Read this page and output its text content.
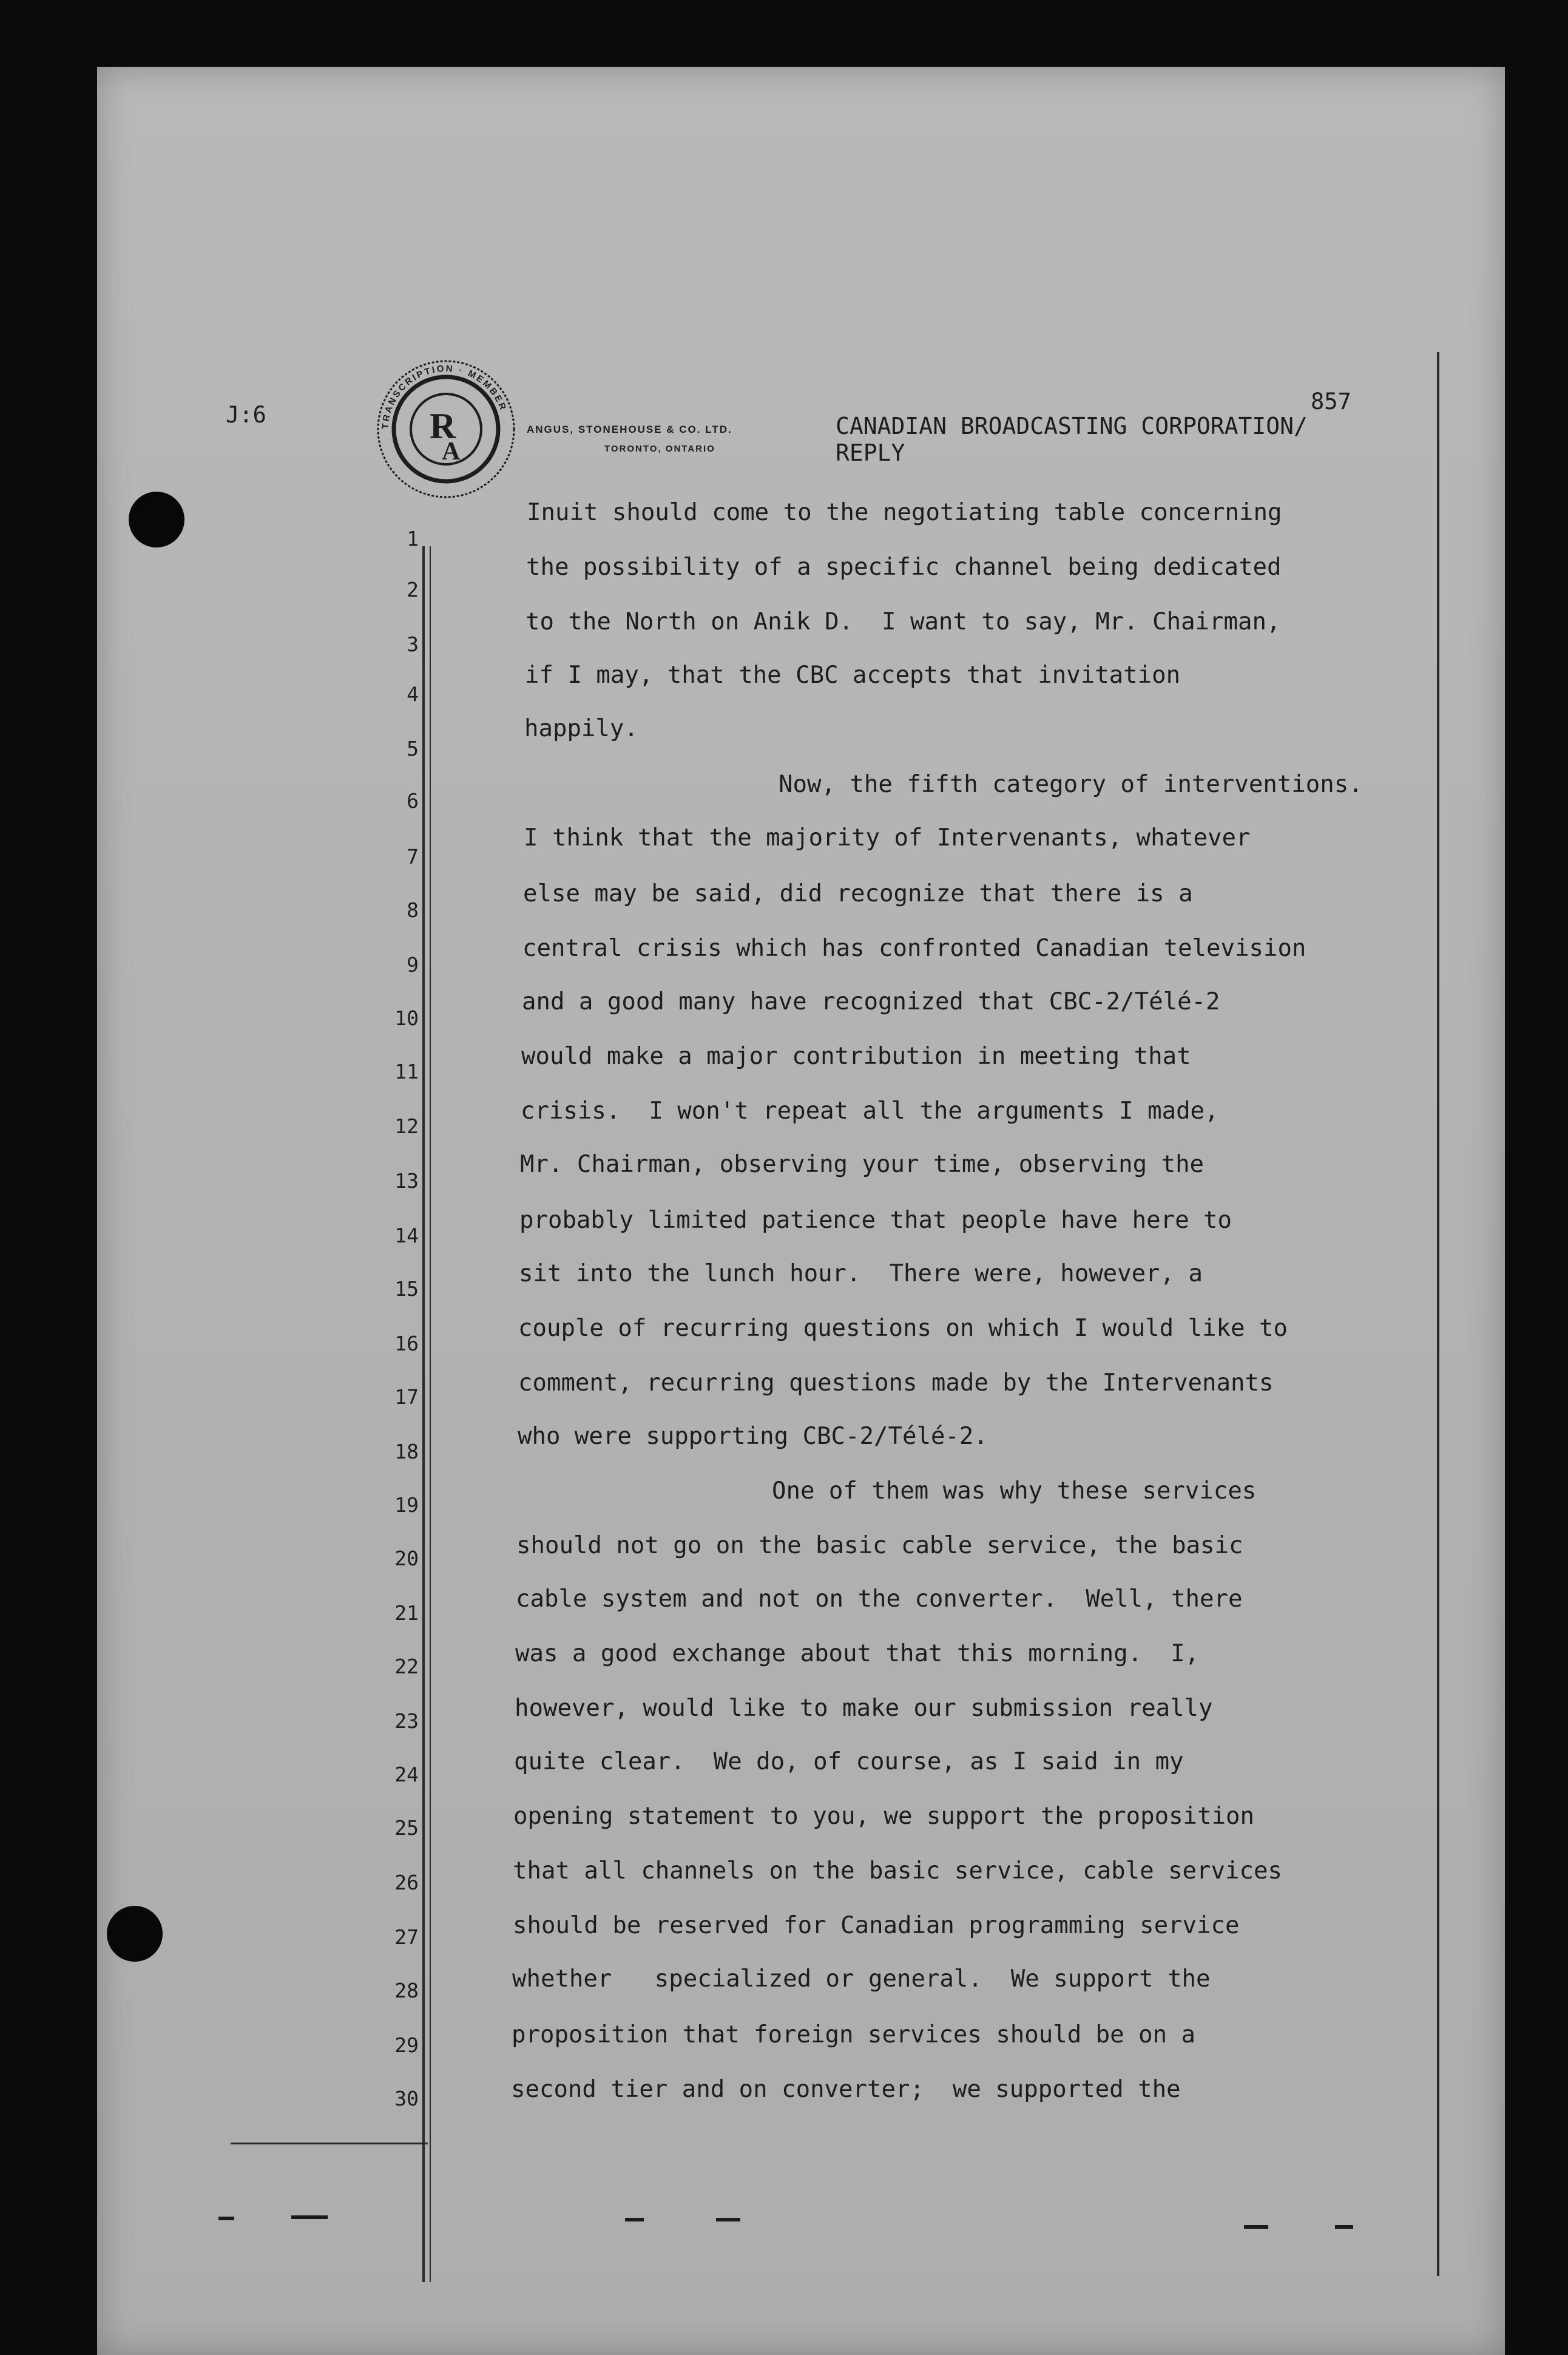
J:6
857
R
A
TRANSCRIPTION · MEMBER
ANGUS, STONEHOUSE & CO. LTD.
TORONTO, ONTARIO
CANADIAN BROADCASTING CORPORATION/
REPLY
1
2
3
4
5
6
7
8
9
10
11
12
13
14
15
16
17
18
19
20
21
22
23
24
25
26
27
28
29
30
Inuit should come to the negotiating table concerning
the possibility of a specific channel being dedicated
to the North on Anik D.  I want to say, Mr. Chairman,
if I may, that the CBC accepts that invitation
happily.
Now, the fifth category of interventions.
I think that the majority of Intervenants, whatever
else may be said, did recognize that there is a
central crisis which has confronted Canadian television
and a good many have recognized that CBC-2/Télé-2
would make a major contribution in meeting that
crisis.  I won't repeat all the arguments I made,
Mr. Chairman, observing your time, observing the
probably limited patience that people have here to
sit into the lunch hour.  There were, however, a
couple of recurring questions on which I would like to
comment, recurring questions made by the Intervenants
who were supporting CBC-2/Télé-2.
One of them was why these services
should not go on the basic cable service, the basic
cable system and not on the converter.  Well, there
was a good exchange about that this morning.  I,
however, would like to make our submission really
quite clear.  We do, of course, as I said in my
opening statement to you, we support the proposition
that all channels on the basic service, cable services
should be reserved for Canadian programming service
whether   specialized or general.  We support the
proposition that foreign services should be on a
second tier and on converter;  we supported the
